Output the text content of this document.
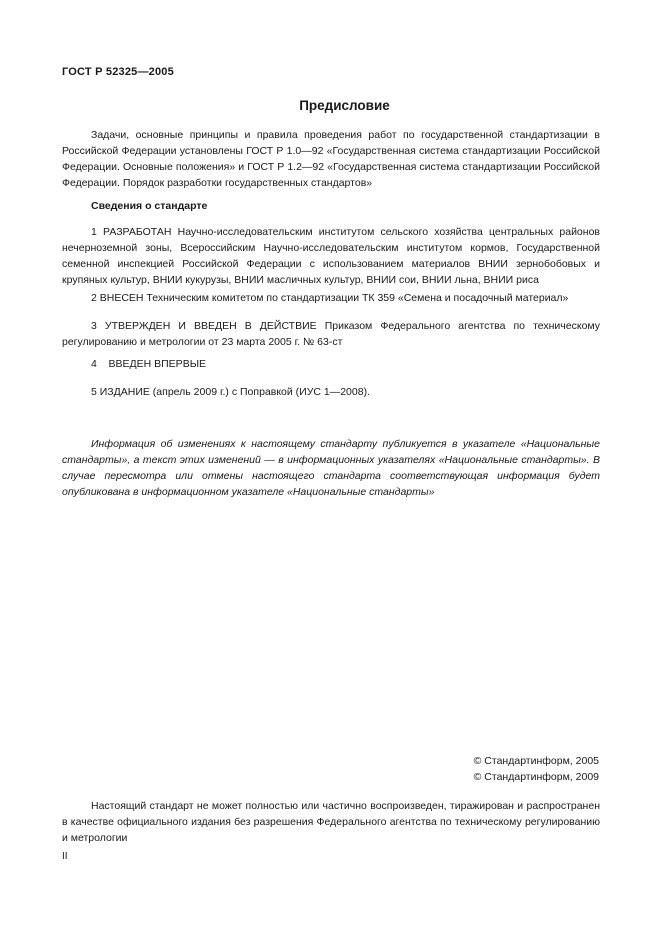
ГОСТ Р 52325—2005
Предисловие

Задачи, основные принципы и правила проведения работ по государственной стандартизации в Российской Федерации установлены ГОСТ Р 1.0—92 «Государственная система стандартизации Российской Федерации. Основные положения» и ГОСТ Р 1.2—92 «Государственная система стандартизации Российской Федерации. Порядок разработки государственных стандартов»

Сведения о стандарте

1 РАЗРАБОТАН Научно-исследовательским институтом сельского хозяйства центральных районов нечерноземной зоны, Всероссийским Научно-исследовательским институтом кормов, Государственной семенной инспекцией Российской Федерации с использованием материалов ВНИИ зернобобовых и крупяных культур, ВНИИ кукурузы, ВНИИ масличных культур, ВНИИ сои, ВНИИ льна, ВНИИ риса

2 ВНЕСЕН Техническим комитетом по стандартизации ТК 359 «Семена и посадочный материал»

3 УТВЕРЖДЕН И ВВЕДЕН В ДЕЙСТВИЕ Приказом Федерального агентства по техническому регулированию и метрологии от 23 марта 2005 г. № 63-ст

4    ВВЕДЕН ВПЕРВЫЕ

5 ИЗДАНИЕ (апрель 2009 г.) с Поправкой (ИУС 1—2008).

Информация об изменениях к настоящему стандарту публикуется в указателе «Национальные стандарты», а текст этих изменений — в информационных указателях «Национальные стандарты». В случае пересмотра или отмены настоящего стандарта соответствующая информация будет опубликована в информационном указателе «Национальные стандарты»

© Стандартинформ, 2005
© Стандартинформ, 2009

Настоящий стандарт не может полностью или частично воспроизведен, тиражирован и распространен в качестве официального издания без разрешения Федерального агентства по техническому регулированию и метрологии

II
